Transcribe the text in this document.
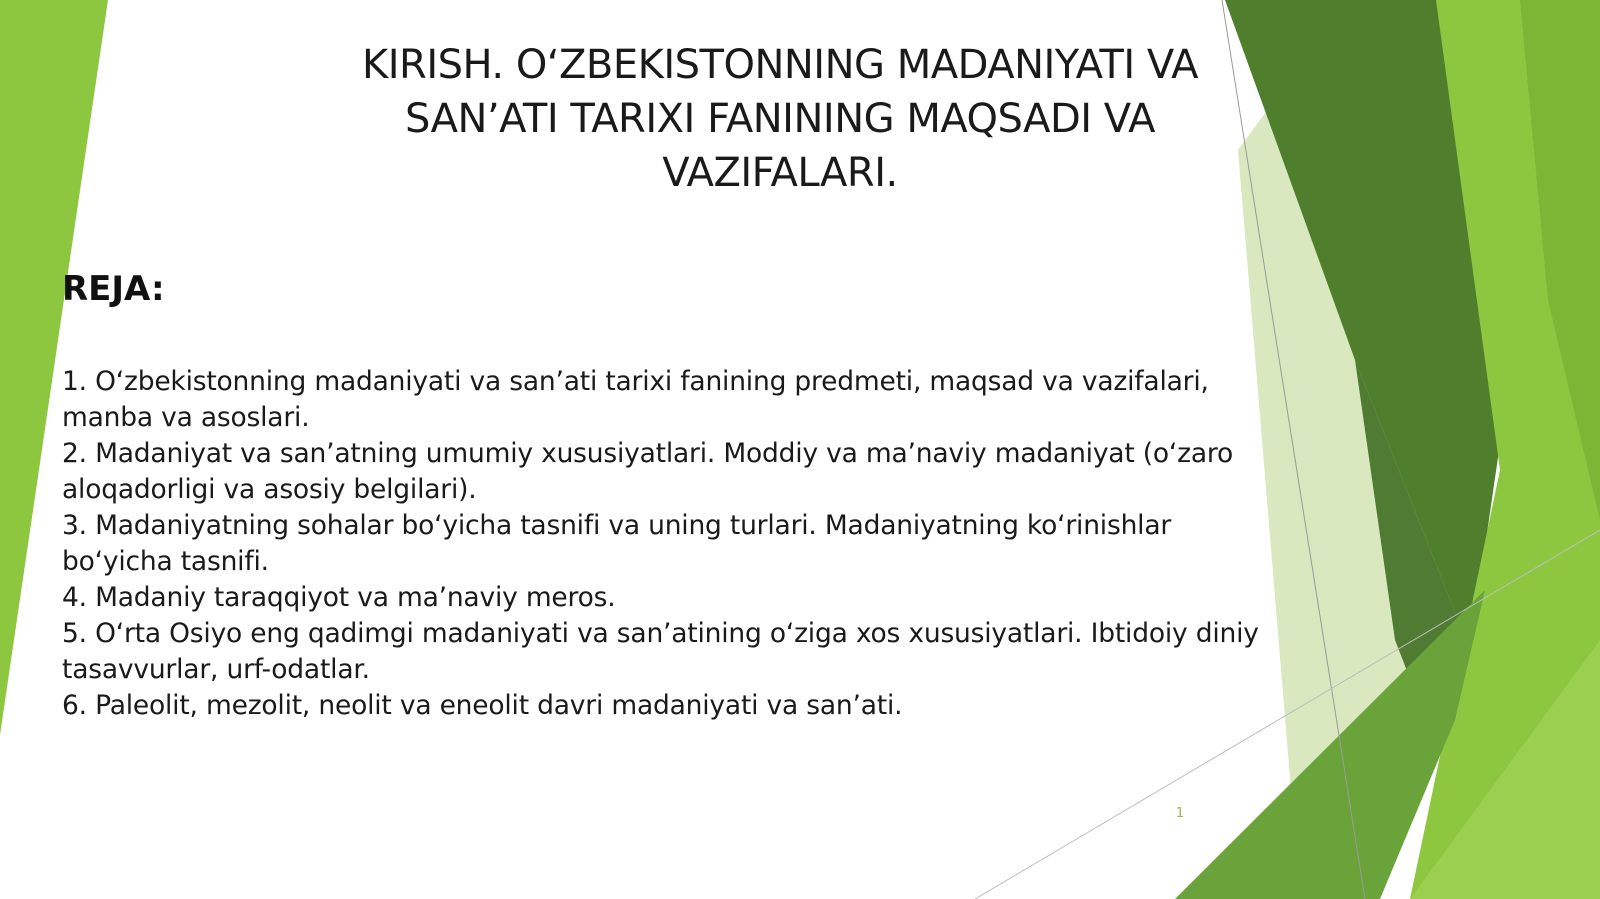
KIRISH. O‘ZBEKISTONNING MADANIYATI VA
SAN’ATI TARIXI FANINING MAQSADI VA
VAZIFALARI.
REJA:
1. O‘zbekistonning madaniyati va san’ati tarixi fanining predmeti, maqsad va vazifalari,
manba va asoslari.
2. Madaniyat va san’atning umumiy xususiyatlari. Moddiy va ma’naviy madaniyat (o‘zaro
aloqadorligi va asosiy belgilari).
3. Madaniyatning sohalar bo‘yicha tasnifi va uning turlari. Madaniyatning ko‘rinishlar
bo‘yicha tasnifi.
4. Madaniy taraqqiyot va ma’naviy meros.
5. O‘rta Osiyo eng qadimgi madaniyati va san’atining o‘ziga xos xususiyatlari. Ibtidoiy diniy
tasavvurlar, urf-odatlar.
6. Paleolit, mezolit, neolit va eneolit davri madaniyati va san’ati.
1
